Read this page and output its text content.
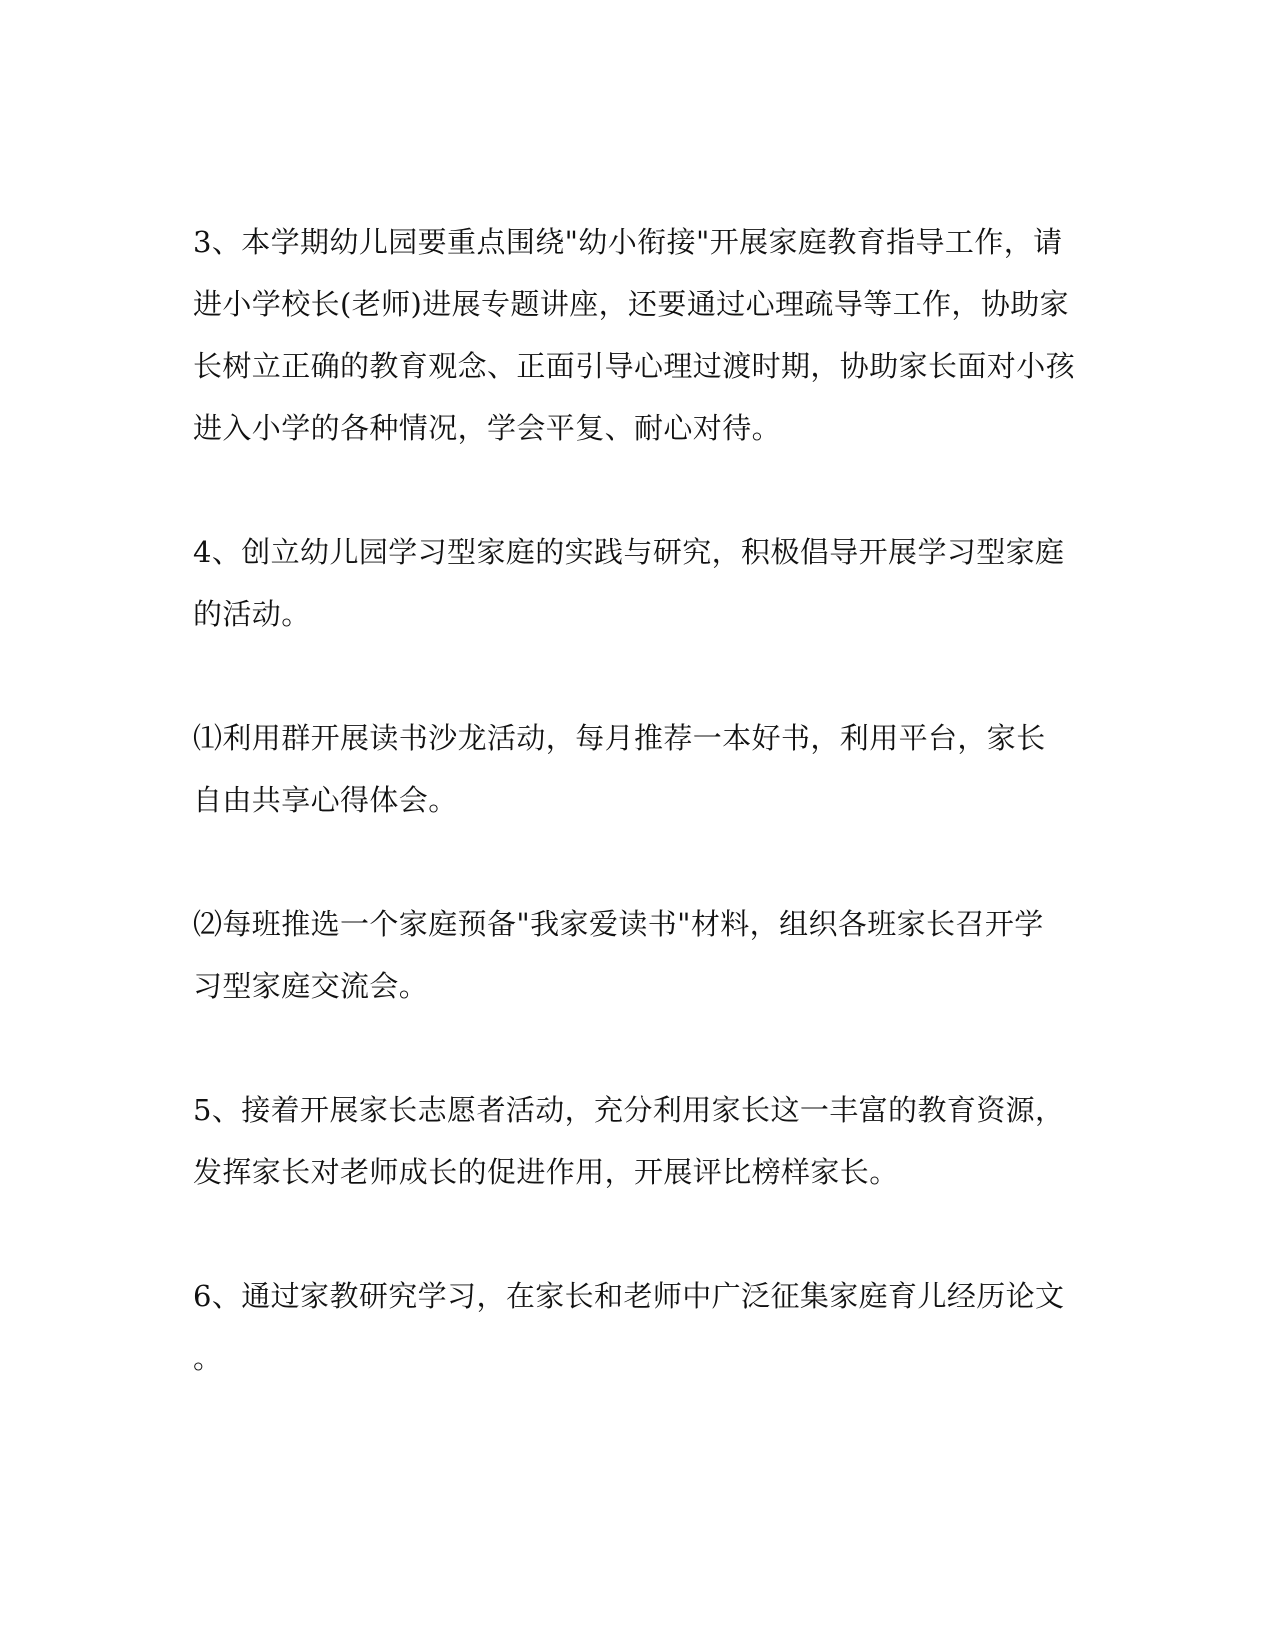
3、本学期幼儿园要重点围绕"幼小衔接"开展家庭教育指导工作，请

进小学校长(老师)进展专题讲座，还要通过心理疏导等工作，协助家

长树立正确的教育观念、正面引导心理过渡时期，协助家长面对小孩

进入小学的各种情况，学会平复、耐心对待。

4、创立幼儿园学习型家庭的实践与研究，积极倡导开展学习型家庭

的活动。

⑴利用群开展读书沙龙活动，每月推荐一本好书，利用平台，家长

自由共享心得体会。

⑵每班推选一个家庭预备"我家爱读书"材料，组织各班家长召开学

习型家庭交流会。

5、接着开展家长志愿者活动，充分利用家长这一丰富的教育资源，

发挥家长对老师成长的促进作用，开展评比榜样家长。

6、通过家教研究学习，在家长和老师中广泛征集家庭育儿经历论文

。
